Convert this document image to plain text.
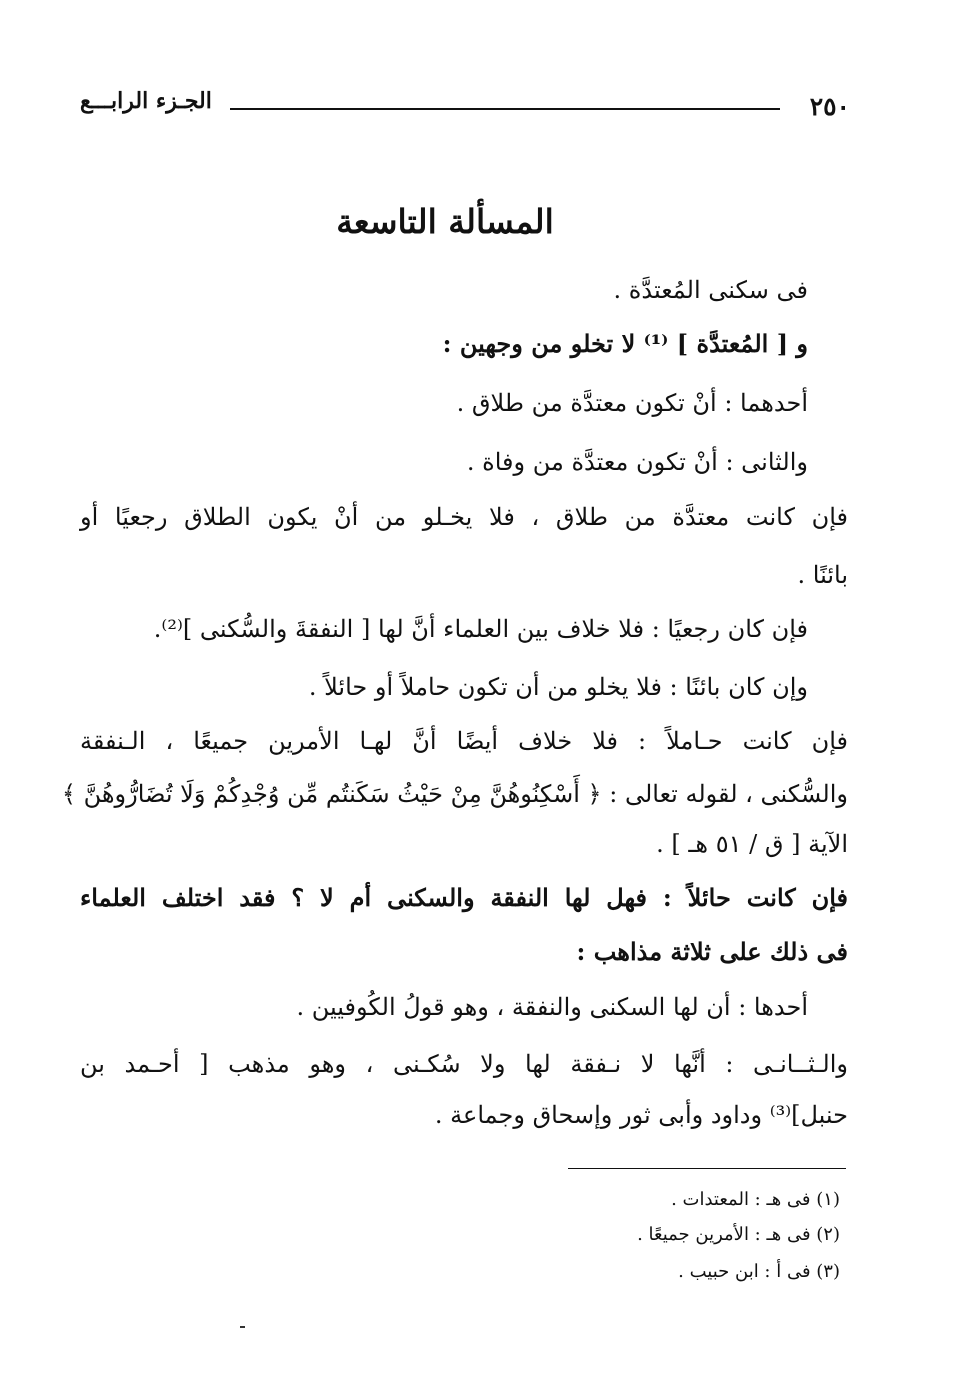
٢٥٠
الجـزء الرابـــع
المسألة التاسعة
فى سكنى المُعتدَّة .
و [ المُعتدَّة ] ⁽¹⁾ لا تخلو من وجهين :
أحدهما : أنْ تكون معتدَّة من طلاق .
والثانى : أنْ تكون معتدَّة من وفاة .
فإن كانت معتدَّة من طلاق ، فلا يخـلو من أنْ يكون الطلاق رجعيًا أو
بائنًا .
فإن كان رجعيًا : فلا خلاف بين العلماء أنَّ لها [ النفقةَ والسُّكنى ]⁽²⁾.
وإن كان بائنًا : فلا يخلو من أن تكون حاملاً أو حائلاً .
فإن كانت حـاملاً : فلا خلاف أيضًا أنَّ لهـا الأمرين جميعًا ، الـنفقة
والسُّكنى ، لقوله تعالى : ﴿ أَسْكِنُوهُنَّ مِنْ حَيْثُ سَكَنتُم مِّن وُجْدِكُمْ وَلَا تُضَارُّوهُنَّ ﴾
الآية [ ق / ٥١ هـ ] .
فإن كانت حائلاً : فهل لها النفقة والسكنى أم لا ؟ فقد اختلف العلماء
فى ذلك على ثلاثة مذاهب :
أحدها : أن لها السكنى والنفقة ، وهو قولُ الكُوفيين .
والـثــانـى : أنَّها لا نـفقة لها ولا سُكـنى ، وهو مذهب [ أحـمد بن
حنبل]⁽³⁾ وداود وأبى ثور وإسحاق وجماعة .
(١) فى هـ : المعتدات .
(٢) فى هـ : الأمرين جميعًا .
(٣) فى أ : ابن حبيب .
